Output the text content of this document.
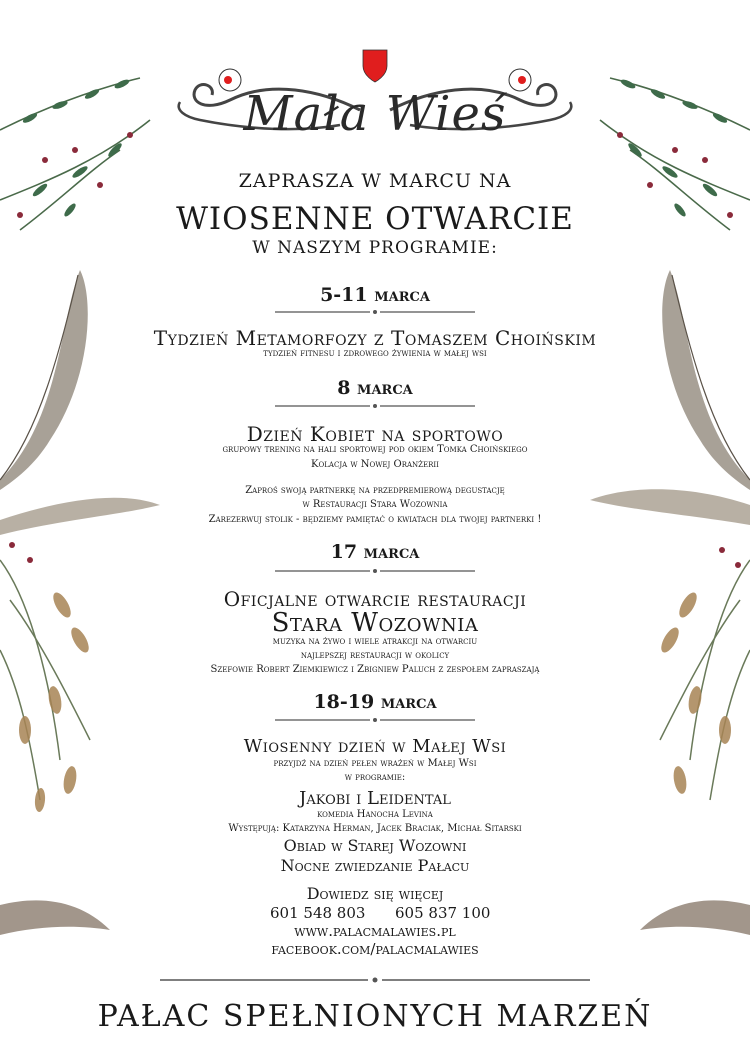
Mała Wieś
ZAPRASZA W MARCU NA
WIOSENNE OTWARCIE
W NASZYM PROGRAMIE:
5-11 marca
Tydzień Metamorfozy z Tomaszem Choińskim
tydzień fitnesu i zdrowego żywienia w małej wsi
8 marca
Dzień Kobiet na sportowo
grupowy trening na hali sportowej pod okiem Tomka Choińskiego
Kolacja w Nowej Oranżerii
Zaproś swoją partnerkę na przedpremierową degustację
w Restauracji Stara Wozownia
Zarezerwuj stolik - będziemy pamiętać o kwiatach dla twojej partnerki !
17 marca
Oficjalne otwarcie restauracji
Stara Wozownia
muzyka na żywo i wiele atrakcji na otwarciu
najlepszej restauracji w okolicy
Szefowie Robert Ziemkiewicz i Zbigniew Paluch z zespołem zapraszają
18-19 marca
Wiosenny dzień w Małej Wsi
przyjdź na dzień pełen wrażeń w Małej Wsi
w programie:
Jakobi i Leidental
komedia Hanocha Levina
Występują: Katarzyna Herman, Jacek Braciak, Michał Sitarski
Obiad w Starej Wozowni
Nocne zwiedzanie Pałacu
Dowiedz się więcej
601 548 803 605 837 100
www.palacmalawies.pl
facebook.com/palacmalawies
PAŁAC SPEŁNIONYCH MARZEŃ
